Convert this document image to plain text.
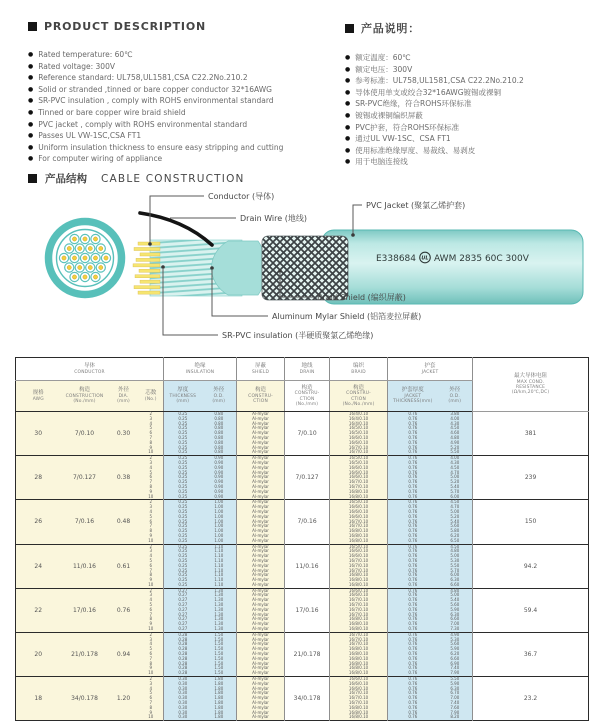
PRODUCT DESCRIPTION
● Rated temperature: 60℃
● Rated voltage: 300V
● Reference standard: UL758,UL1581,CSA C22.2No.210.2
● Solid or stranded ,tinned or bare copper conductor 32*16AWG
● SR-PVC insulation , comply with ROHS environmental standard
● Tinned or bare copper wire braid shield
● PVC jacket , comply with ROHS environmental standard
● Passes UL VW-1SC,CSA FT1
● Uniform insulation thickness to ensure easy stripping and cutting
● For computer wiring of appliance
产品说明：
● 额定温度：60℃
● 额定电压：300V
● 参考标准：UL758,UL1581,CSA C22.2No.210.2
● 导体使用单支或绞合32*16AWG镀锡或裸铜
● SR-PVC绝缘，符合ROHS环保标准
● 镀锡或裸铜编织屏蔽
● PVC护套，符合ROHS环保标准
● 通过UL VW-1SC、CSA FT1
● 使用标准绝缘厚度、易裁线、易剥皮
● 用于电脑连接线
产品结构 CABLE CONSTRUCTION
E338684 UL AWM 2835 60C 300V
Conductor (导体)
Drain Wire (地线)
PVC Jacket (聚氯乙烯护套)
Braid Shield (编织屏蔽)
Aluminum Mylar Shield (铝箔麦拉屏蔽)
SR-PVC insulation (半硬质聚氯乙烯绝缘)
导体
CONDUCTOR				绝缘
INSULATION		屏蔽
SHIELD	地线
DRAIN	编织
BRAID	护套
JACKET		最大导体电阻
MAX COND.
RESISTANCE
(Ω/km,20℃,DC)

规格
AWG	构造
CONSTRUCTION
(No./mm)	外径
DIA.
(mm)	芯数
(No.)	厚度
THICKNESS
(mm)	外径
O.D.
(mm)	构造
CONSTRU-
CTION	构造
CONSTRU-
CTION
(No./mm)	构造
CONSTRU-
CTION
(No./No./mm)	护套厚度
JACKET
THICKNESS(mm)	外径
O.D.
(mm)	

30	7/0.10	0.30	2	0.25	0.80	Al-mylar	7/0.10	16/4/0.10	0.76	3.80	381
			3	0.25	0.80	Al-mylar		16/4/0.10	0.76	4.00	
			4	0.25	0.80	Al-mylar		16/4/0.10	0.76	4.30	
			5	0.25	0.80	Al-mylar		16/5/0.10	0.76	4.50	
			6	0.25	0.80	Al-mylar		16/5/0.10	0.76	4.60	
			7	0.25	0.80	Al-mylar		16/6/0.10	0.76	4.80	
			8	0.25	0.80	Al-mylar		16/6/0.10	0.76	4.90	
			9	0.25	0.80	Al-mylar		16/7/0.10	0.76	5.20	
			10	0.25	0.80	Al-mylar		16/7/0.10	0.76	5.50	
28	7/0.127	0.38	2	0.25	0.90	Al-mylar	7/0.127	16/5/0.10	0.76	4.00	239
			3	0.25	0.90	Al-mylar		16/5/0.10	0.76	4.30	
			4	0.25	0.90	Al-mylar		16/6/0.10	0.76	4.50	
			5	0.25	0.90	Al-mylar		16/6/0.10	0.76	4.70	
			6	0.25	0.90	Al-mylar		16/6/0.10	0.76	5.00	
			7	0.25	0.90	Al-mylar		16/7/0.10	0.76	5.20	
			8	0.25	0.90	Al-mylar		16/7/0.10	0.76	5.40	
			9	0.25	0.90	Al-mylar		16/8/0.10	0.76	5.70	
			10	0.25	0.90	Al-mylar		16/8/0.10	0.76	6.00	
26	7/0.16	0.48	2	0.25	1.00	Al-mylar	7/0.16	16/5/0.10	0.76	4.50	150
			3	0.25	1.00	Al-mylar		16/6/0.10	0.76	4.70	
			4	0.25	1.00	Al-mylar		16/6/0.10	0.76	5.00	
			5	0.25	1.00	Al-mylar		16/6/0.10	0.76	5.20	
			6	0.25	1.00	Al-mylar		16/7/0.10	0.76	5.40	
			7	0.25	1.00	Al-mylar		16/7/0.10	0.76	5.60	
			8	0.25	1.00	Al-mylar		16/8/0.10	0.76	5.80	
			9	0.25	1.00	Al-mylar		16/8/0.10	0.76	6.20	
			10	0.25	1.00	Al-mylar		16/8/0.10	0.76	6.50	
24	11/0.16	0.61	2	0.25	1.10	Al-mylar	11/0.16	16/5/0.10	0.76	4.50	94.2
			3	0.25	1.10	Al-mylar		16/6/0.10	0.76	4.80	
			4	0.25	1.10	Al-mylar		16/6/0.10	0.76	5.00	
			5	0.25	1.10	Al-mylar		16/7/0.10	0.76	5.30	
			6	0.25	1.10	Al-mylar		16/7/0.10	0.76	5.50	
			7	0.25	1.10	Al-mylar		16/7/0.10	0.76	5.70	
			8	0.25	1.10	Al-mylar		16/8/0.10	0.76	6.00	
			9	0.25	1.10	Al-mylar		16/8/0.10	0.76	6.30	
			10	0.25	1.10	Al-mylar		16/8/0.10	0.76	6.60	
22	17/0.16	0.76	2	0.27	1.30	Al-mylar	17/0.16	16/6/0.10	0.76	4.80	59.4
			3	0.27	1.30	Al-mylar		16/6/0.10	0.76	5.00	
			4	0.27	1.30	Al-mylar		16/7/0.10	0.76	5.40	
			5	0.27	1.30	Al-mylar		16/7/0.10	0.76	5.60	
			6	0.27	1.30	Al-mylar		16/7/0.10	0.76	5.90	
			7	0.27	1.30	Al-mylar		16/7/0.10	0.76	6.30	
			8	0.27	1.30	Al-mylar		16/8/0.10	0.76	6.60	
			9	0.27	1.30	Al-mylar		16/8/0.10	0.76	7.00	
			10	0.27	1.30	Al-mylar		16/8/0.10	0.76	7.30	
20	21/0.178	0.94	2	0.28	1.50	Al-mylar	21/0.178	16/7/0.10	0.76	4.90	36.7
			3	0.28	1.50	Al-mylar		16/7/0.10	0.76	5.30	
			4	0.28	1.50	Al-mylar		16/7/0.10	0.76	5.60	
			5	0.28	1.50	Al-mylar		16/8/0.10	0.76	5.90	
			6	0.28	1.50	Al-mylar		16/8/0.10	0.76	6.20	
			7	0.28	1.50	Al-mylar		16/8/0.10	0.76	6.60	
			8	0.28	1.50	Al-mylar		16/8/0.10	0.76	6.90	
			9	0.28	1.50	Al-mylar		16/8/0.10	0.76	7.40	
			10	0.28	1.50	Al-mylar		16/8/0.10	0.76	7.90	
18	34/0.178	1.20	2	0.30	1.80	Al-mylar	34/0.178	16/6/0.10	0.76	5.50	23.2
			3	0.30	1.80	Al-mylar		16/6/0.10	0.76	5.90	
			4	0.30	1.80	Al-mylar		16/6/0.10	0.76	6.30	
			5	0.30	1.80	Al-mylar		16/7/0.10	0.76	6.70	
			6	0.30	1.80	Al-mylar		16/7/0.10	0.76	7.00	
			7	0.30	1.80	Al-mylar		16/7/0.10	0.76	7.40	
			8	0.30	1.80	Al-mylar		16/8/0.10	0.76	7.60	
			9	0.30	1.80	Al-mylar		16/8/0.10	0.76	7.90	
			10	0.30	1.80	Al-mylar		16/8/0.10	0.76	8.20	
